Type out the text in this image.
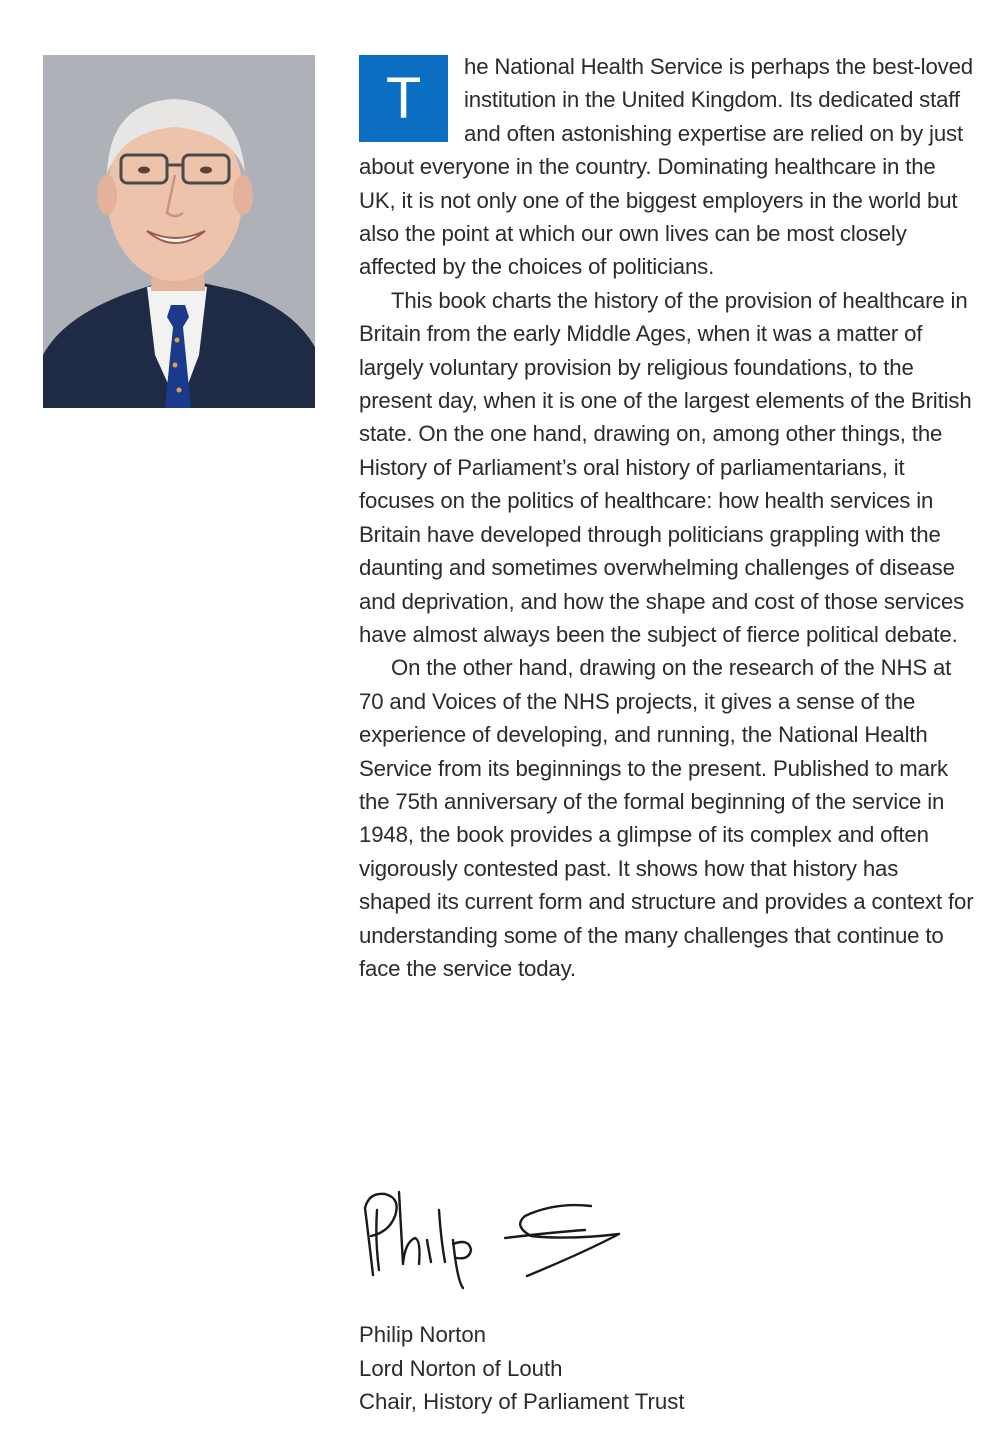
T	he National Health Service is perhaps the best-loved institution in the United Kingdom. Its dedicated staff and often astonishing expertise are relied on by just about everyone in the country. Dominating healthcare in the UK, it is not only one of the biggest employers in the world but also the point at which our own lives can be most closely affected by the choices of politicians.

This book charts the history of the provision of healthcare in Britain from the early Middle Ages, when it was a matter of largely voluntary provision by religious foundations, to the present day, when it is one of the largest elements of the British state. On the one hand, drawing on, among other things, the History of Parliament’s oral history of parliamentarians, it focuses on the politics of healthcare: how health services in Britain have developed through politicians grappling with the daunting and sometimes overwhelming challenges of disease and deprivation, and how the shape and cost of those services have almost always been the subject of fierce political debate.

On the other hand, drawing on the research of the NHS at 70 and Voices of the NHS projects, it gives a sense of the experience of developing, and running, the National Health Service from its beginnings to the present. Published to mark the 75th anniversary of the formal beginning of the service in 1948, the book provides a glimpse of its complex and often vigorously contested past. It shows how that history has shaped its current form and structure and provides a context for understanding some of the many challenges that continue to face the service today.

Philip Norton
Lord Norton of Louth
Chair, History of Parliament Trust
